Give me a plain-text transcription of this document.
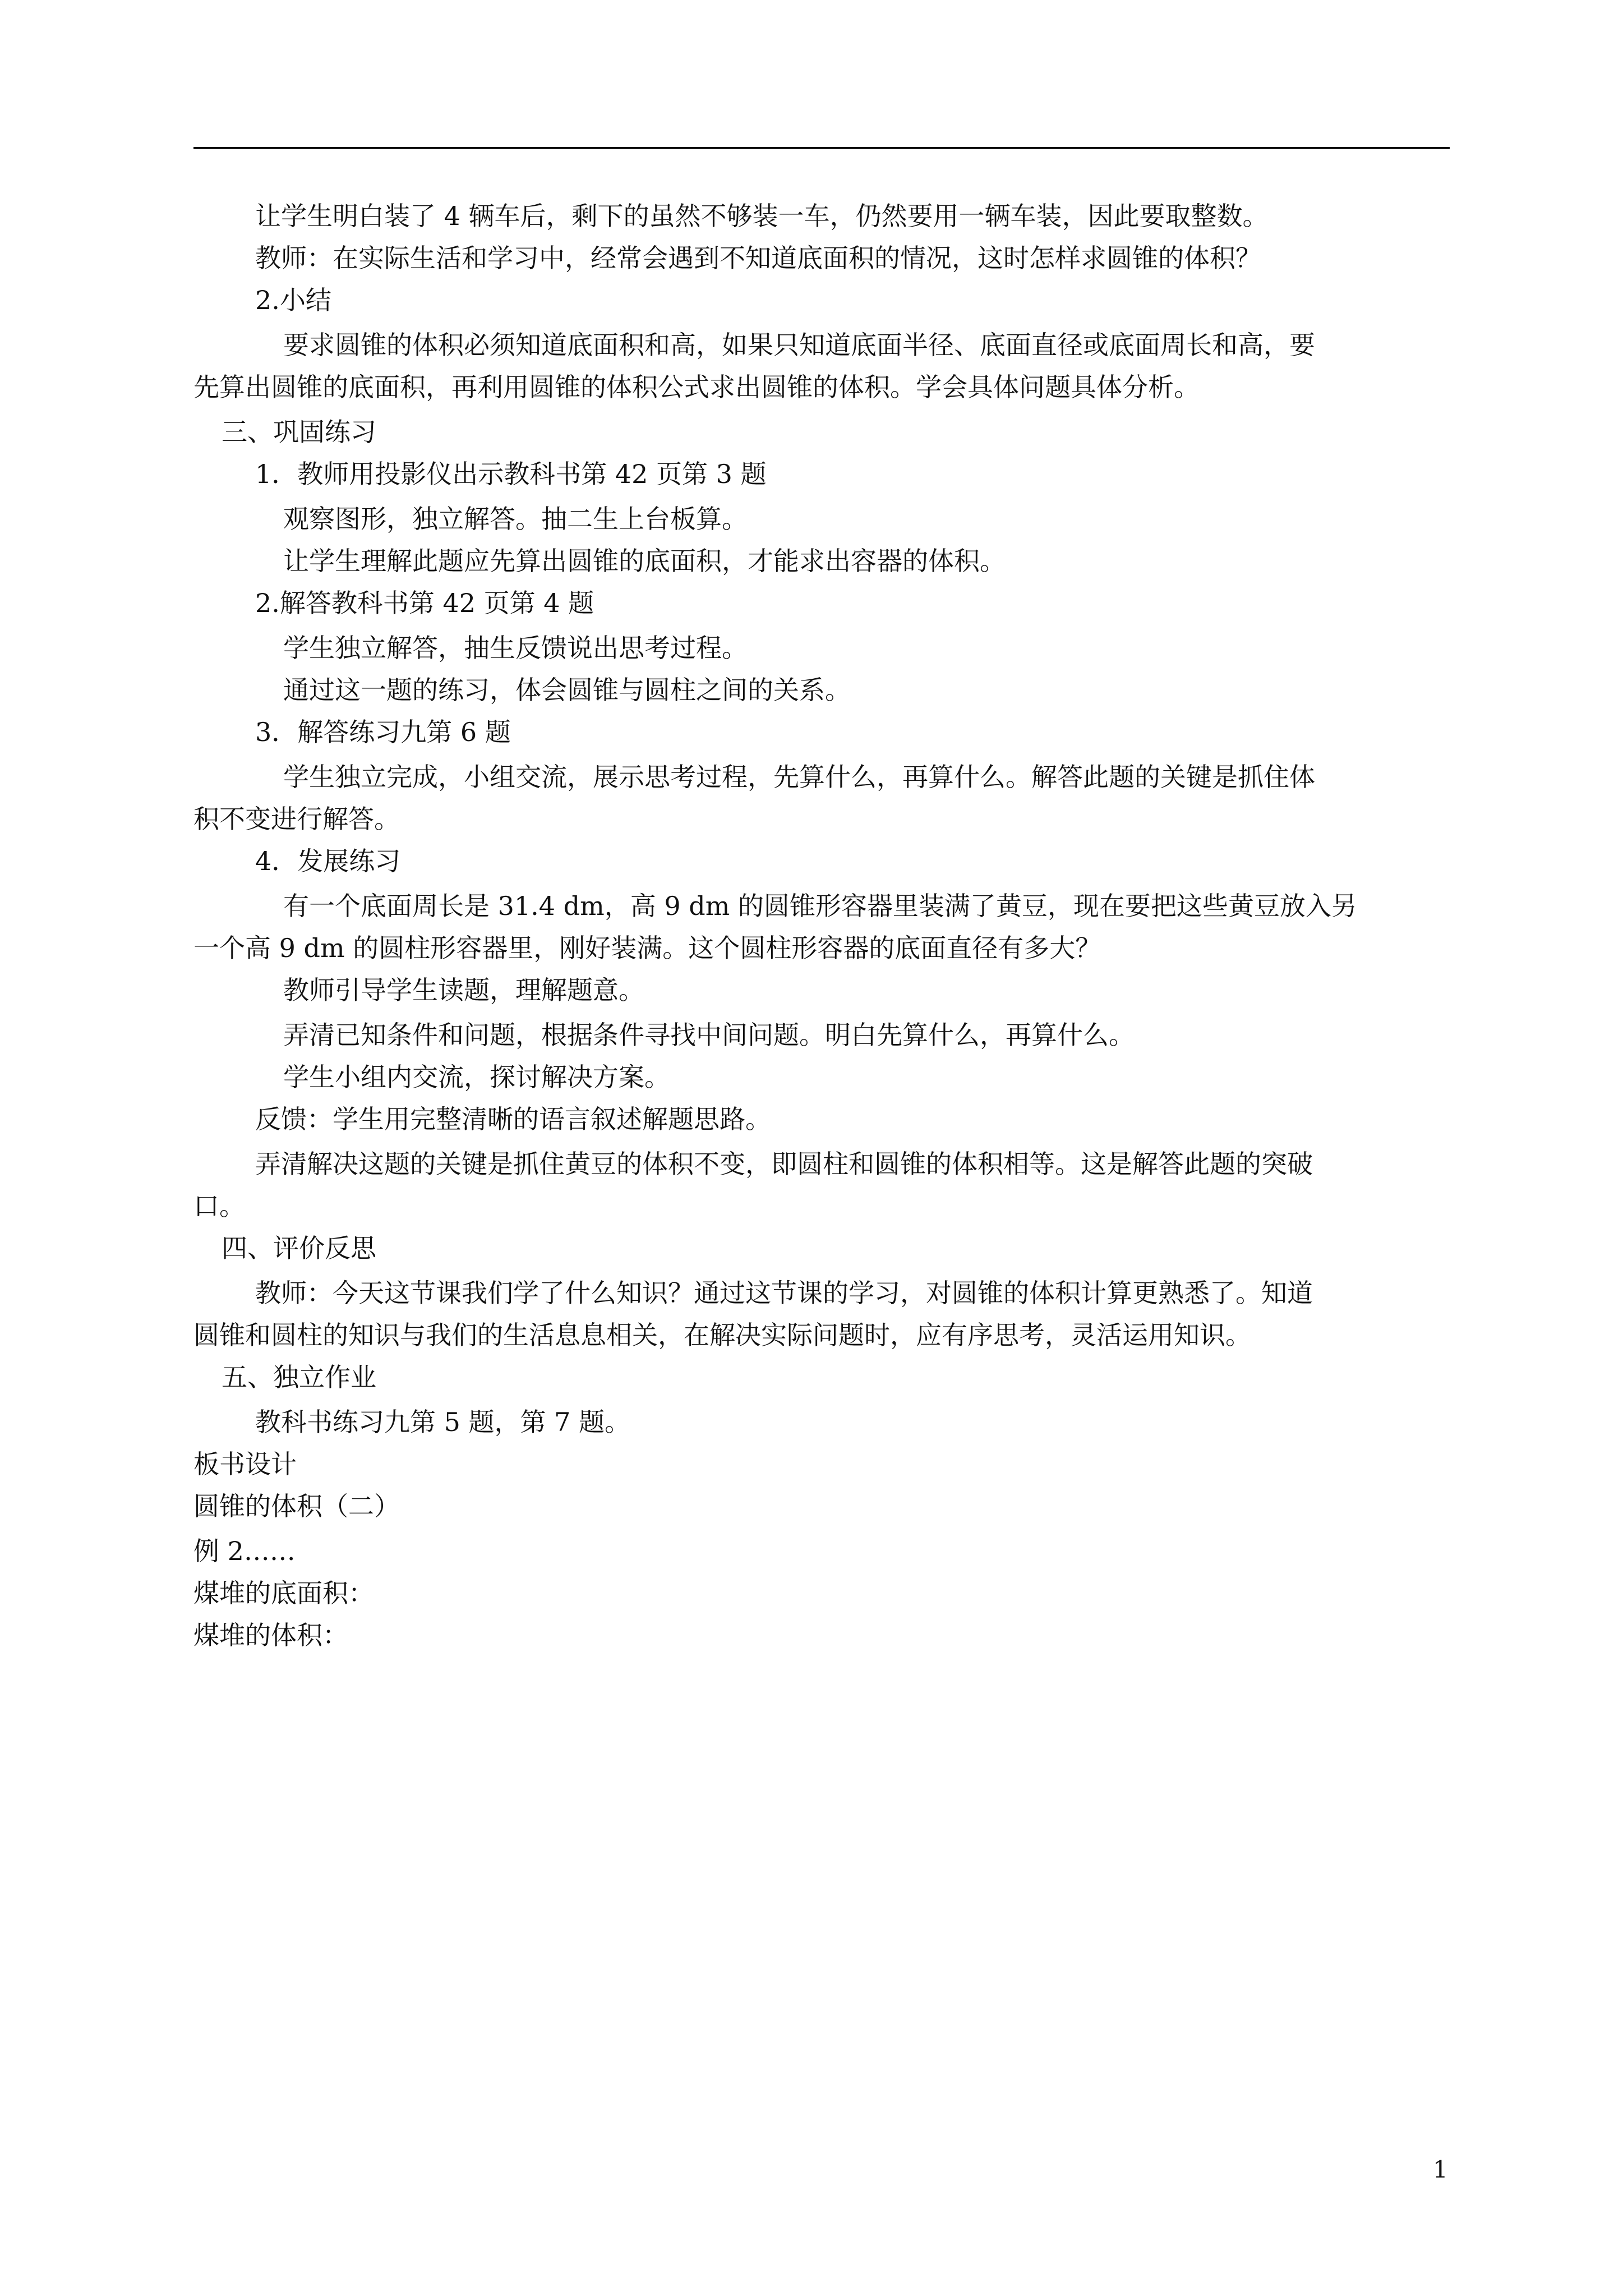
让学生明白装了 4 辆车后，剩下的虽然不够装一车，仍然要用一辆车装，因此要取整数。
教师：在实际生活和学习中，经常会遇到不知道底面积的情况，这时怎样求圆锥的体积？
2.小结
要求圆锥的体积必须知道底面积和高，如果只知道底面半径、底面直径或底面周长和高，要
先算出圆锥的底面积，再利用圆锥的体积公式求出圆锥的体积。学会具体问题具体分析。
三、巩固练习
1．教师用投影仪出示教科书第 42 页第 3 题
观察图形，独立解答。抽二生上台板算。
让学生理解此题应先算出圆锥的底面积，才能求出容器的体积。
2.解答教科书第 42 页第 4 题
学生独立解答，抽生反馈说出思考过程。
通过这一题的练习，体会圆锥与圆柱之间的关系。
3．解答练习九第 6 题
学生独立完成，小组交流，展示思考过程，先算什么，再算什么。解答此题的关键是抓住体
积不变进行解答。
4．发展练习
有一个底面周长是 31.4 dm，高 9 dm 的圆锥形容器里装满了黄豆，现在要把这些黄豆放入另
一个高 9 dm 的圆柱形容器里，刚好装满。这个圆柱形容器的底面直径有多大？
教师引导学生读题，理解题意。
弄清已知条件和问题，根据条件寻找中间问题。明白先算什么，再算什么。
学生小组内交流，探讨解决方案。
反馈：学生用完整清晰的语言叙述解题思路。
弄清解决这题的关键是抓住黄豆的体积不变，即圆柱和圆锥的体积相等。这是解答此题的突破
口。
四、评价反思
教师：今天这节课我们学了什么知识？通过这节课的学习，对圆锥的体积计算更熟悉了。知道
圆锥和圆柱的知识与我们的生活息息相关，在解决实际问题时，应有序思考，灵活运用知识。
五、独立作业
教科书练习九第 5 题，第 7 题。
板书设计
圆锥的体积（二）
例 2……
煤堆的底面积：
煤堆的体积：
1
